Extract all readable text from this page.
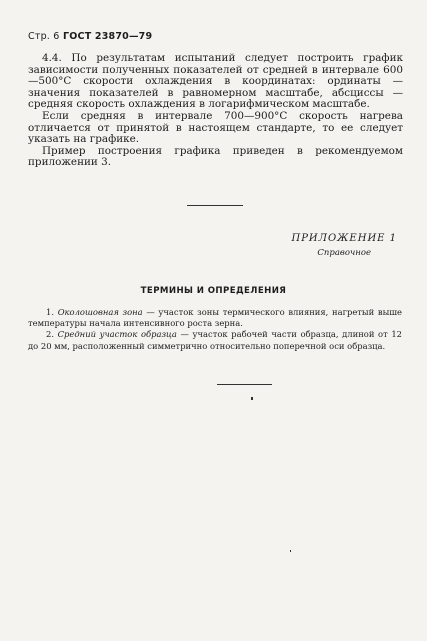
Стр. 6 ГОСТ 23870—79

4.4. По результатам испытаний следует построить график зависимости полученных показателей от средней в интервале 600—500°С скорости охлаждения в координатах: ординаты — значения показателей в равномерном масштабе, абсциссы — средняя скорость охлаждения в логарифмическом масштабе.

Если средняя в интервале 700—900°С скорость нагрева отличается от принятой в настоящем стандарте, то ее следует указать на графике.

Пример построения графика приведен в рекомендуемом приложении 3.

ПРИЛОЖЕНИЕ 1
Справочное
ТЕРМИНЫ И ОПРЕДЕЛЕНИЯ

1. Околошовная зона — участок зоны термического влияния, нагретый выше температуры начала интенсивного роста зерна.

2. Средний участок образца — участок рабочей части образца, длиной от 12 до 20 мм, расположенный симметрично относительно поперечной оси образца.
